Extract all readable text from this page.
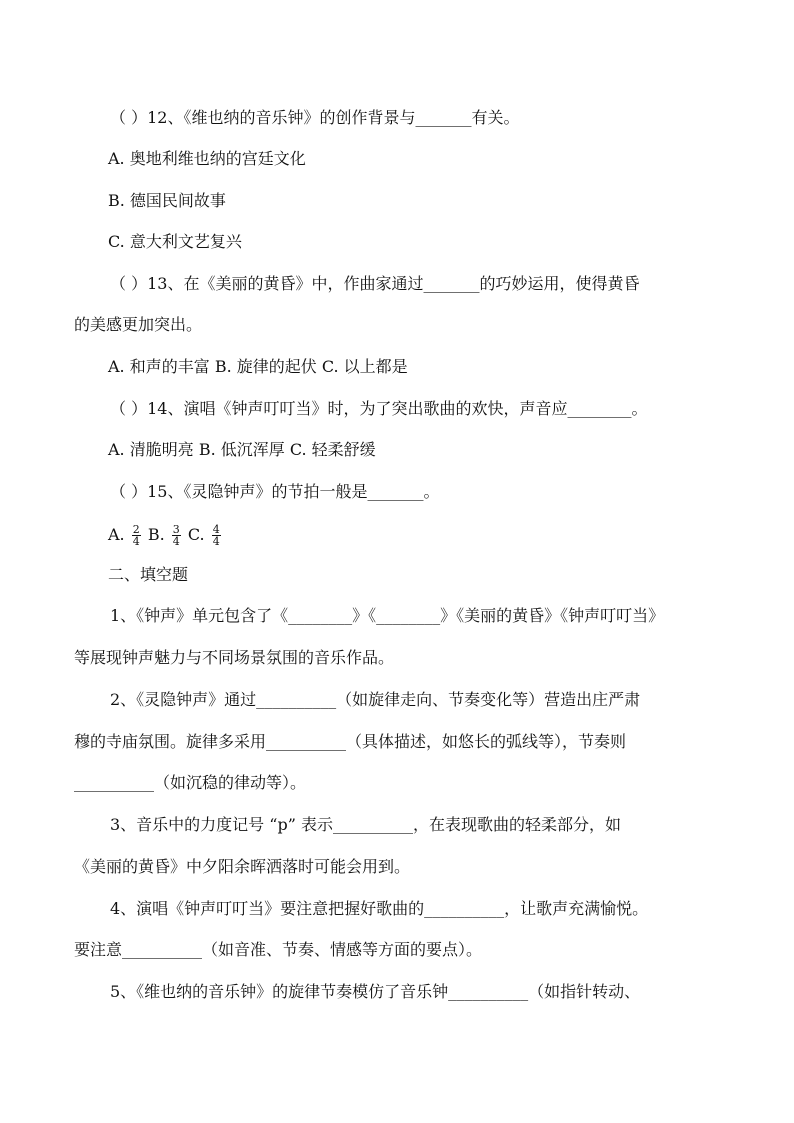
（ ）12、《维也纳的音乐钟》的创作背景与_______有关。
A. 奥地利维也纳的宫廷文化
B. 德国民间故事
C. 意大利文艺复兴
（ ）13、在《美丽的黄昏》中，作曲家通过_______的巧妙运用，使得黄昏
的美感更加突出。
A. 和声的丰富 B. 旋律的起伏 C. 以上都是
（ ）14、演唱《钟声叮叮当》时，为了突出歌曲的欢快，声音应________。
A. 清脆明亮 B. 低沉浑厚 C. 轻柔舒缓
（ ）15、《灵隐钟声》的节拍一般是_______。
A. $\frac{2}{4} B$. $\frac{3}{4} C$. $\frac{4}{4}$
二、填空题
1、《钟声》单元包含了《________》《________》《美丽的黄昏》《钟声叮叮当》
等展现钟声魅力与不同场景氛围的音乐作品。
2、《灵隐钟声》通过__________（如旋律走向、节奏变化等）营造出庄严肃
穆的寺庙氛围。旋律多采用__________（具体描述，如悠长的弧线等），节奏则
__________（如沉稳的律动等）。
3、音乐中的力度记号 “p” 表示__________，在表现歌曲的轻柔部分，如
《美丽的黄昏》中夕阳余晖洒落时可能会用到。
4、演唱《钟声叮叮当》要注意把握好歌曲的__________，让歌声充满愉悦。
要注意__________（如音准、节奏、情感等方面的要点）。
5、《维也纳的音乐钟》的旋律节奏模仿了音乐钟__________（如指针转动、
